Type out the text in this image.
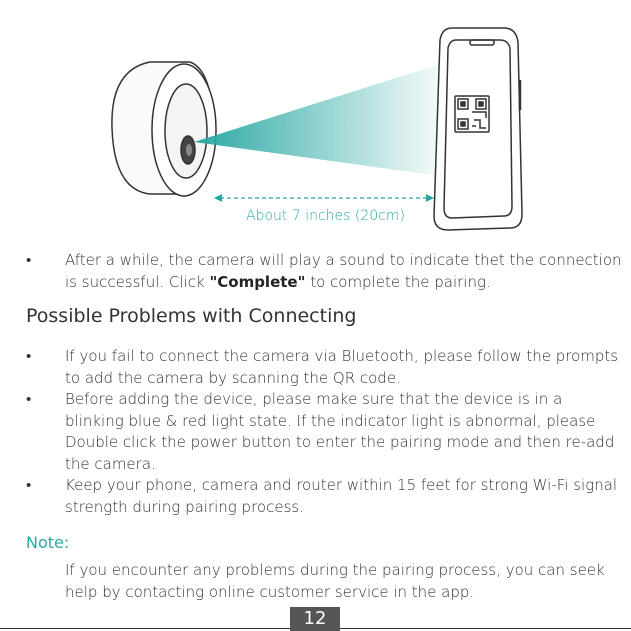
About 7 inches (20cm)
•	After a while, the camera will play a sound to indicate thet the connection is successful. Click "Complete" to complete the pairing.
Possible Problems with Connecting
•	If you fail to connect the camera via Bluetooth, please follow the prompts to add the camera by scanning the QR code.
•	Before adding the device, please make sure that the device is in a blinking blue & red light state. If the indicator light is abnormal, please Double click the power button to enter the pairing mode and then re-add the camera.
•	Keep your phone, camera and router within 15 feet for strong Wi-Fi signal strength during pairing process.
Note:
If you encounter any problems during the pairing process, you can seek help by contacting online customer service in the app.
12
